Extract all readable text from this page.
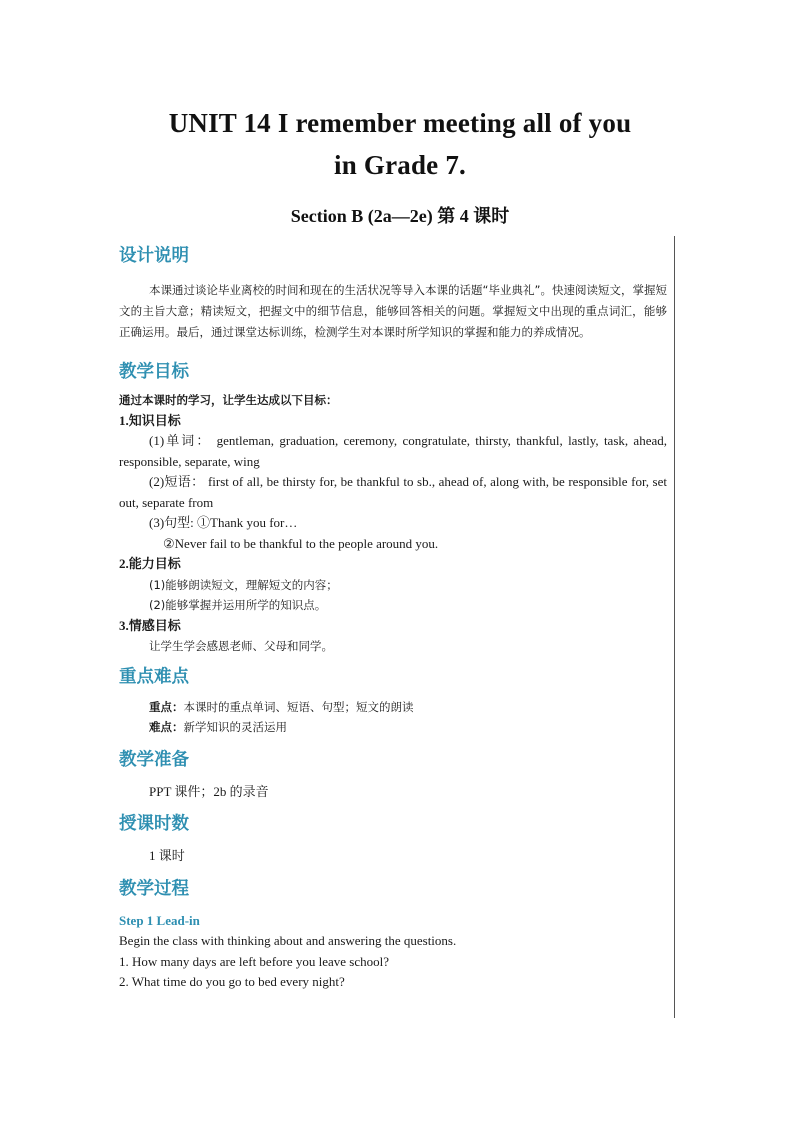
UNIT 14 I remember meeting all of you
in Grade 7.
Section B (2a—2e) 第 4 课时
设计说明

本课通过谈论毕业离校的时间和现在的生活状况等导入本课的话题“毕业典礼”。快速阅读短文，掌握短文的主旨大意；精读短文，把握文中的细节信息，能够回答相关的问题。掌握短文中出现的重点词汇，能够正确运用。最后，通过课堂达标训练，检测学生对本课时所学知识的掌握和能力的养成情况。

教学目标

通过本课时的学习，让学生达成以下目标：

1.知识目标

(1)单词： gentleman, graduation, ceremony, congratulate, thirsty, thankful, lastly, task, ahead, responsible, separate, wing

(2)短语： first of all, be thirsty for, be thankful to sb., ahead of, along with, be responsible for, set out, separate from

(3)句型: ①Thank you for…

②Never fail to be thankful to the people around you.

2.能力目标

(1)能够朗读短文，理解短文的内容；

(2)能够掌握并运用所学的知识点。

3.情感目标

让学生学会感恩老师、父母和同学。

重点难点

重点：本课时的重点单词、短语、句型；短文的朗读

难点：新学知识的灵活运用

教学准备

PPT 课件；2b 的录音

授课时数

1 课时

教学过程

Step 1 Lead-in

Begin the class with thinking about and answering the questions.

1. How many days are left before you leave school?

2. What time do you go to bed every night?
